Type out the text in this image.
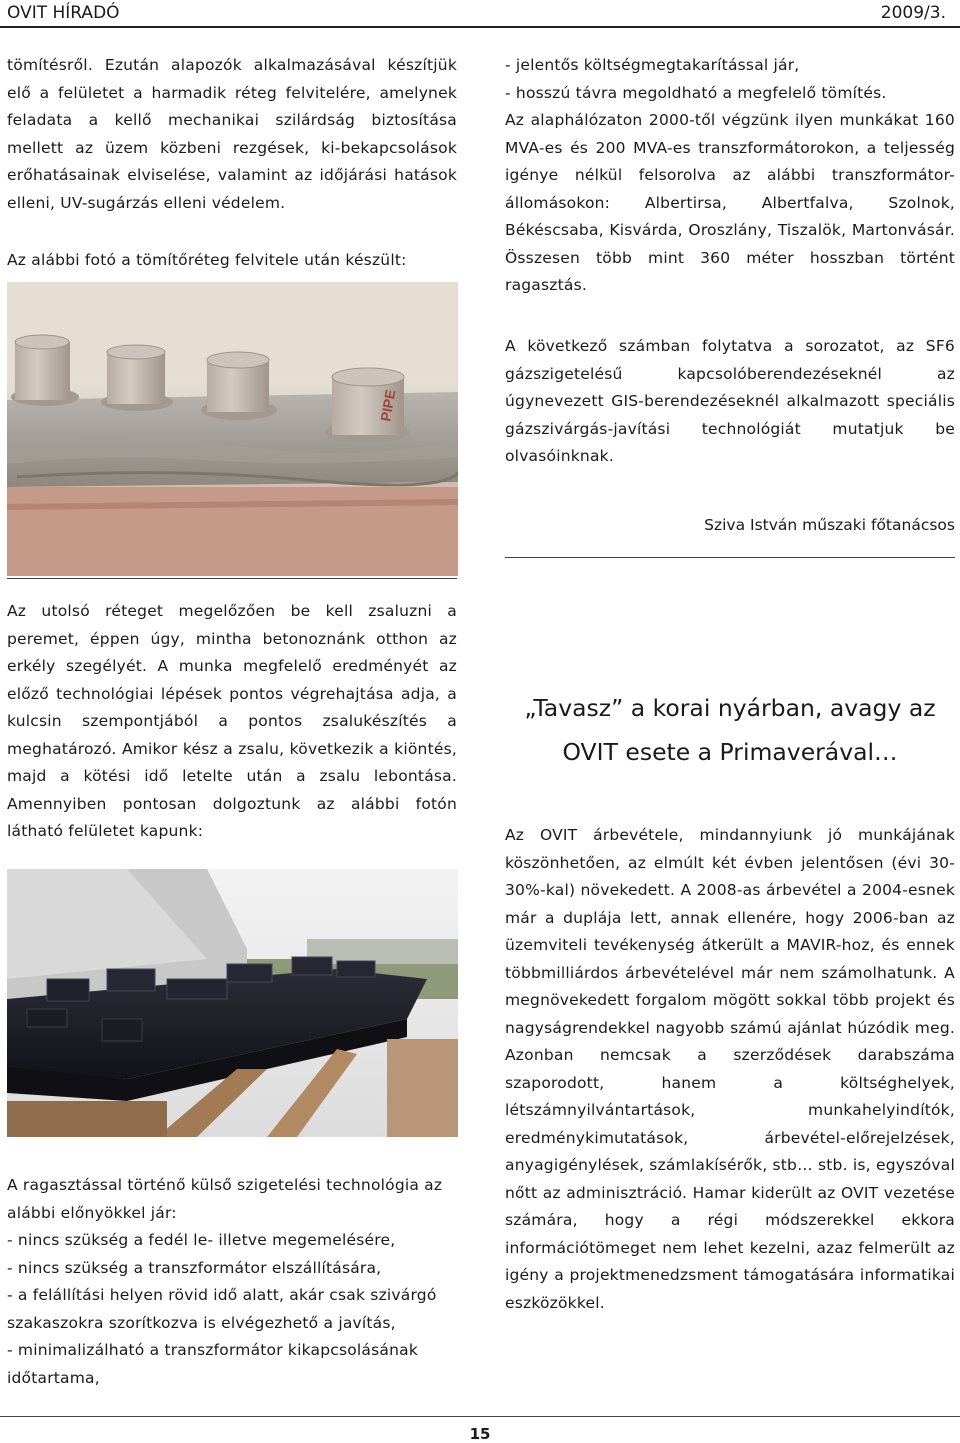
OVIT HÍRADÓ	2009/3.

tömítésről. Ezután alapozók alkalmazásával készítjük elő a felületet a harmadik réteg felvitelére, amelynek feladata a kellő mechanikai szilárdság biztosítása mellett az üzem közbeni rezgések, ki-bekapcsolások erőhatásainak elviselése, valamint az időjárási hatások elleni, UV-sugárzás elleni védelem.

Az alábbi fotó a tömítőréteg felvitele után készült:

PIPE

Az utolsó réteget megelőzően be kell zsaluzni a peremet, éppen úgy, mintha betonoznánk otthon az erkély szegélyét. A munka megfelelő eredményét az előző technológiai lépések pontos végrehajtása adja, a kulcsin szempontjából a pontos zsalukészítés a meghatározó. Amikor kész a zsalu, következik a kiöntés, majd a kötési idő letelte után a zsalu lebontása. Amennyiben pontosan dolgoztunk az alábbi fotón látható felületet kapunk:

A ragasztással történő külső szigetelési technológia az alábbi előnyökkel jár:
- nincs szükség a fedél le- illetve megemelésére,
- nincs szükség a transzformátor elszállítására,
- a felállítási helyen rövid idő alatt, akár csak szivárgó szakaszokra szorítkozva is elvégezhető a javítás,
- minimalizálható a transzformátor kikapcsolásának időtartama,
- jelentős költségmegtakarítással jár,
- hosszú távra megoldható a megfelelő tömítés.
Az alaphálózaton 2000-től végzünk ilyen munkákat 160 MVA-es és 200 MVA-es transzformátorokon, a teljesség igénye nélkül felsorolva az alábbi transzformátor-állomásokon: Albertirsa, Albertfalva, Szolnok, Békéscsaba, Kisvárda, Oroszlány, Tiszalök, Martonvásár. Összesen több mint 360 méter hosszban történt ragasztás.

A következő számban folytatva a sorozatot, az SF6 gázszigetelésű kapcsolóberendezéseknél az úgynevezett GIS-berendezéseknél alkalmazott speciális gázszivárgás-javítási technológiát mutatjuk be olvasóinknak.

Sziva István műszaki főtanácsos
„Tavasz” a korai nyárban, avagy az
OVIT esete a Primaverával…

Az OVIT árbevétele, mindannyiunk jó munkájának köszönhetően, az elmúlt két évben jelentősen (évi 30-30%-kal) növekedett. A 2008-as árbevétel a 2004-esnek már a duplája lett, annak ellenére, hogy 2006-ban az üzemviteli tevékenység átkerült a MAVIR-hoz, és ennek többmilliárdos árbevételével már nem számolhatunk. A megnövekedett forgalom mögött sokkal több projekt és nagyságrendekkel nagyobb számú ajánlat húzódik meg. Azonban nemcsak a szerződések darabszáma szaporodott, hanem a költséghelyek, létszámnyilvántartások, munkahelyindítók, eredménykimutatások, árbevétel-előrejelzések, anyagigénylések, számlakísérők, stb… stb. is, egyszóval nőtt az adminisztráció. Hamar kiderült az OVIT vezetése számára, hogy a régi módszerekkel ekkora információtömeget nem lehet kezelni, azaz felmerült az igény a projektmenedzsment támogatására informatikai eszközökkel.

15
